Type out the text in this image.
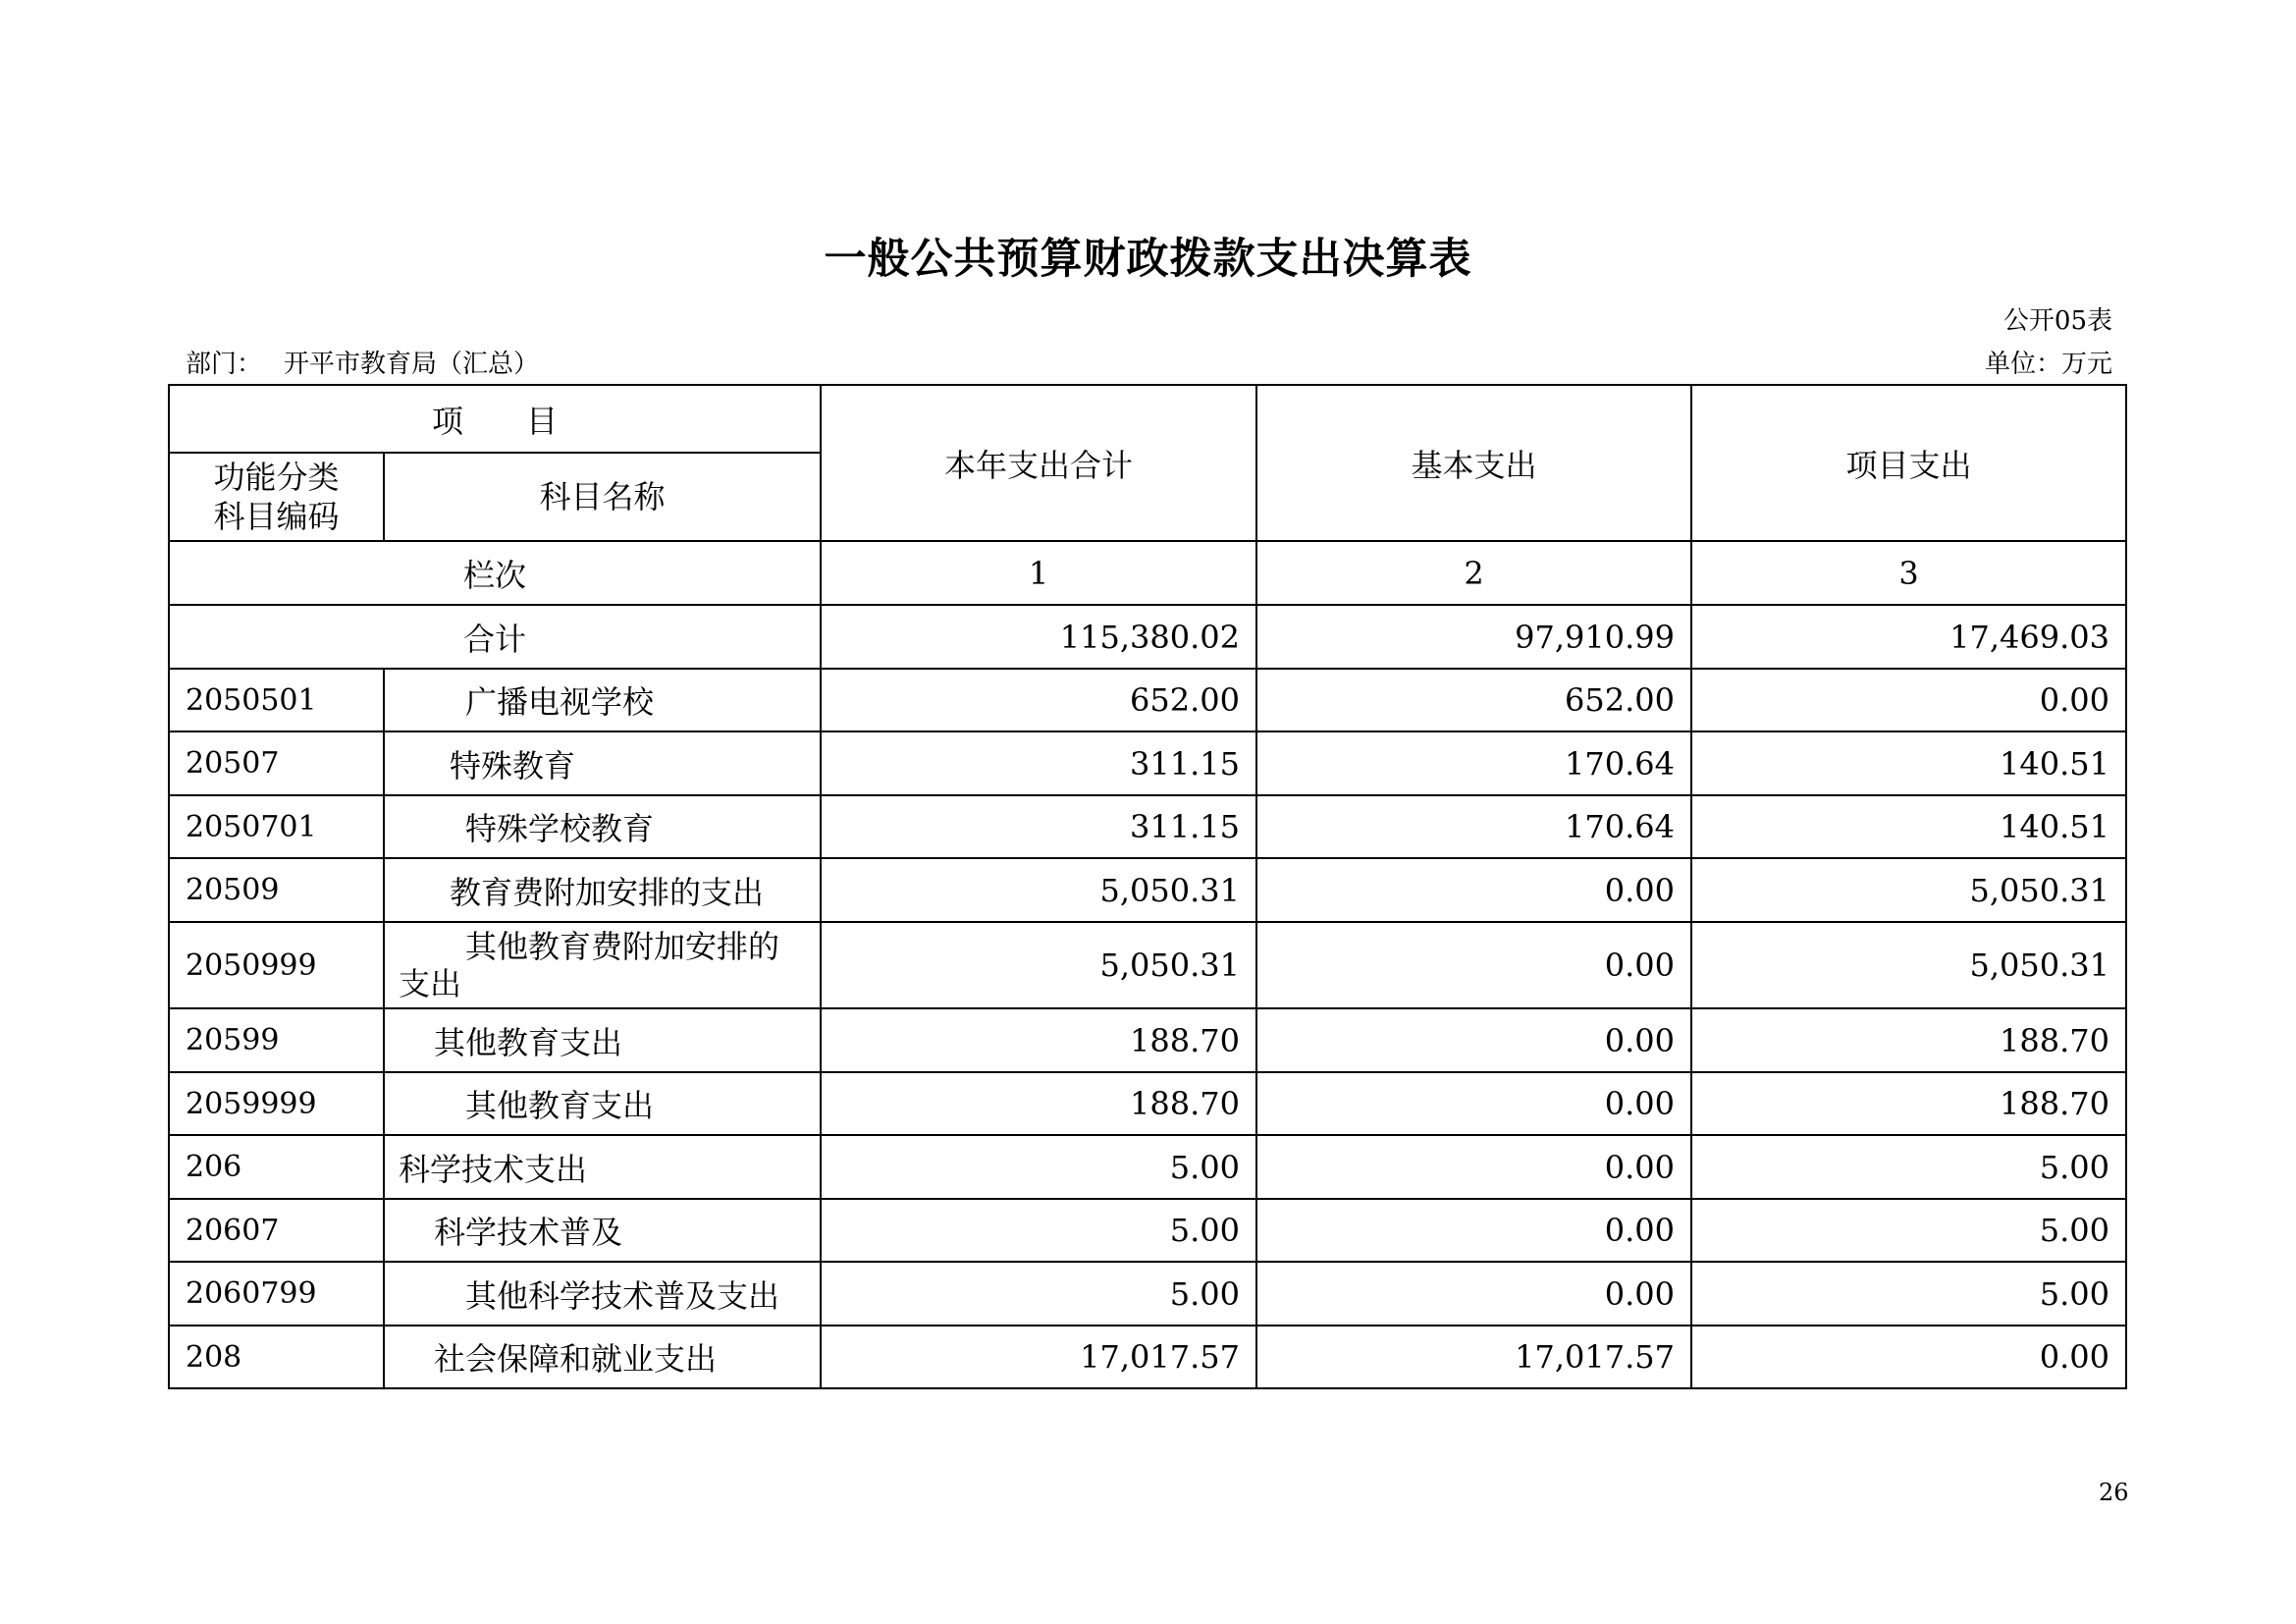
一般公共预算财政拨款支出决算表
公开05表
部门： 开平市教育局（汇总）	单位：万元
项　　目		本年支出合计	基本支出	项目支出
功能分类科目编码	科目名称			
栏次		1	2	3
合计		115,380.02	97,910.99	17,469.03
2050501	广播电视学校	652.00	652.00	0.00
20507	特殊教育	311.15	170.64	140.51
2050701	特殊学校教育	311.15	170.64	140.51
20509	教育费附加安排的支出	5,050.31	0.00	5,050.31
2050999	其他教育费附加安排的支出	5,050.31	0.00	5,050.31
20599	其他教育支出	188.70	0.00	188.70
2059999	其他教育支出	188.70	0.00	188.70
206	科学技术支出	5.00	0.00	5.00
20607	科学技术普及	5.00	0.00	5.00
2060799	其他科学技术普及支出	5.00	0.00	5.00
208	社会保障和就业支出	17,017.57	17,017.57	0.00
26
